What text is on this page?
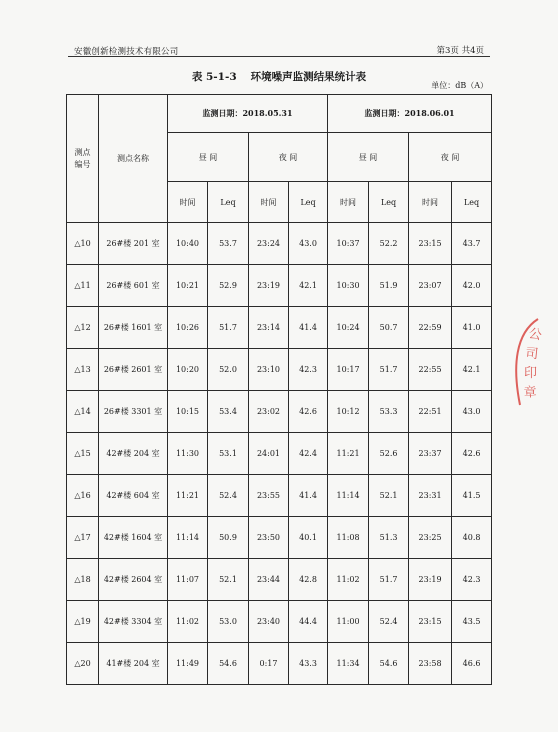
安徽创新检测技术有限公司	第3页 共4页
表 5-1-3 环境噪声监测结果统计表
单位：dB（A）
测点编号	测点名称	监测日期：2018.05.31				监测日期：2018.06.01			
		昼 间		夜 间		昼 间		夜 间	
		时间	Leq	时间	Leq	时间	Leq	时间	Leq
△10	26#楼 201 室	10:40	53.7	23:24	43.0	10:37	52.2	23:15	43.7
△11	26#楼 601 室	10:21	52.9	23:19	42.1	10:30	51.9	23:07	42.0
△12	26#楼 1601 室	10:26	51.7	23:14	41.4	10:24	50.7	22:59	41.0
△13	26#楼 2601 室	10:20	52.0	23:10	42.3	10:17	51.7	22:55	42.1
△14	26#楼 3301 室	10:15	53.4	23:02	42.6	10:12	53.3	22:51	43.0
△15	42#楼 204 室	11:30	53.1	24:01	42.4	11:21	52.6	23:37	42.6
△16	42#楼 604 室	11:21	52.4	23:55	41.4	11:14	52.1	23:31	41.5
△17	42#楼 1604 室	11:14	50.9	23:50	40.1	11:08	51.3	23:25	40.8
△18	42#楼 2604 室	11:07	52.1	23:44	42.8	11:02	51.7	23:19	42.3
△19	42#楼 3304 室	11:02	53.0	23:40	44.4	11:00	52.4	23:15	43.5
△20	41#楼 204 室	11:49	54.6	0:17	43.3	11:34	54.6	23:58	46.6
公
司
印
章
